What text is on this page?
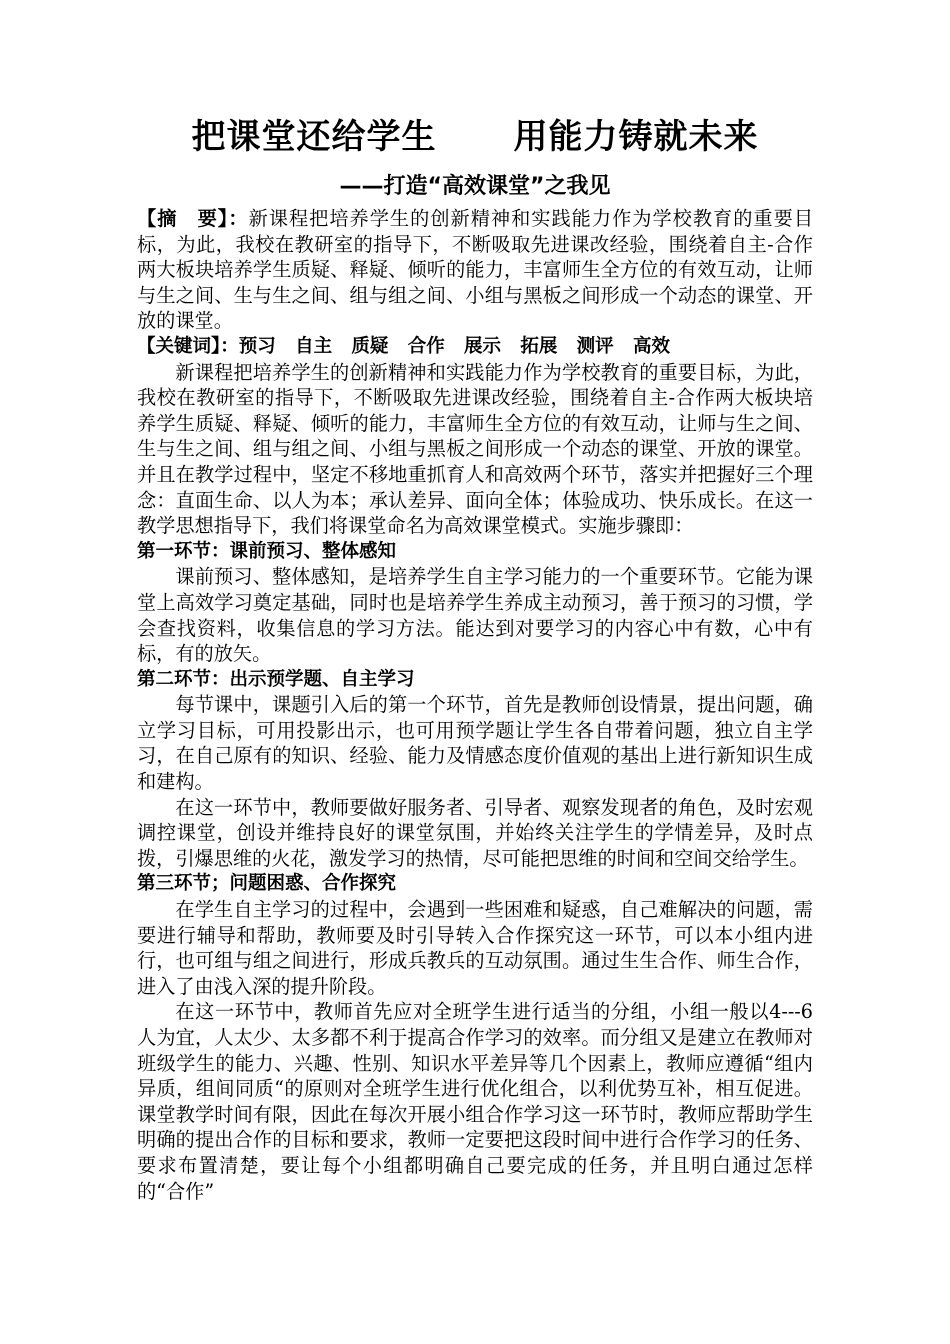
把课堂还给学生      用能力铸就未来
——打造“高效课堂”之我见

【摘　要】：新课程把培养学生的创新精神和实践能力作为学校教育的重要目标，为此，我校在教研室的指导下，不断吸取先进课改经验，围绕着自主-合作两大板块培养学生质疑、释疑、倾听的能力，丰富师生全方位的有效互动，让师与生之间、生与生之间、组与组之间、小组与黑板之间形成一个动态的课堂、开放的课堂。

【关键词】：预习   自主   质疑   合作   展示   拓展   测评   高效

新课程把培养学生的创新精神和实践能力作为学校教育的重要目标，为此，我校在教研室的指导下，不断吸取先进课改经验，围绕着自主-合作两大板块培养学生质疑、释疑、倾听的能力，丰富师生全方位的有效互动，让师与生之间、生与生之间、组与组之间、小组与黑板之间形成一个动态的课堂、开放的课堂。并且在教学过程中，坚定不移地重抓育人和高效两个环节，落实并把握好三个理念：直面生命、以人为本；承认差异、面向全体；体验成功、快乐成长。在这一教学思想指导下，我们将课堂命名为高效课堂模式。实施步骤即：

第一环节：课前预习、整体感知

课前预习、整体感知，是培养学生自主学习能力的一个重要环节。它能为课堂上高效学习奠定基础，同时也是培养学生养成主动预习，善于预习的习惯，学会查找资料，收集信息的学习方法。能达到对要学习的内容心中有数，心中有标，有的放矢。

第二环节：出示预学题、自主学习

每节课中，课题引入后的第一个环节，首先是教师创设情景，提出问题，确立学习目标，可用投影出示，也可用预学题让学生各自带着问题，独立自主学习，在自己原有的知识、经验、能力及情感态度价值观的基出上进行新知识生成和建构。

在这一环节中，教师要做好服务者、引导者、观察发现者的角色，及时宏观调控课堂，创设并维持良好的课堂氛围，并始终关注学生的学情差异，及时点拨，引爆思维的火花，激发学习的热情，尽可能把思维的时间和空间交给学生。

第三环节；问题困惑、合作探究

在学生自主学习的过程中，会遇到一些困难和疑惑，自己难解决的问题，需要进行辅导和帮助，教师要及时引导转入合作探究这一环节，可以本小组内进行，也可组与组之间进行，形成兵教兵的互动氛围。通过生生合作、师生合作，进入了由浅入深的提升阶段。

在这一环节中，教师首先应对全班学生进行适当的分组，小组一般以4---6人为宜，人太少、太多都不利于提高合作学习的效率。而分组又是建立在教师对班级学生的能力、兴趣、性别、知识水平差异等几个因素上，教师应遵循“组内异质，组间同质“的原则对全班学生进行优化组合，以利优势互补，相互促进。课堂教学时间有限，因此在每次开展小组合作学习这一环节时，教师应帮助学生明确的提出合作的目标和要求，教师一定要把这段时间中进行合作学习的任务、要求布置清楚，要让每个小组都明确自己要完成的任务，并且明白通过怎样的“合作”
